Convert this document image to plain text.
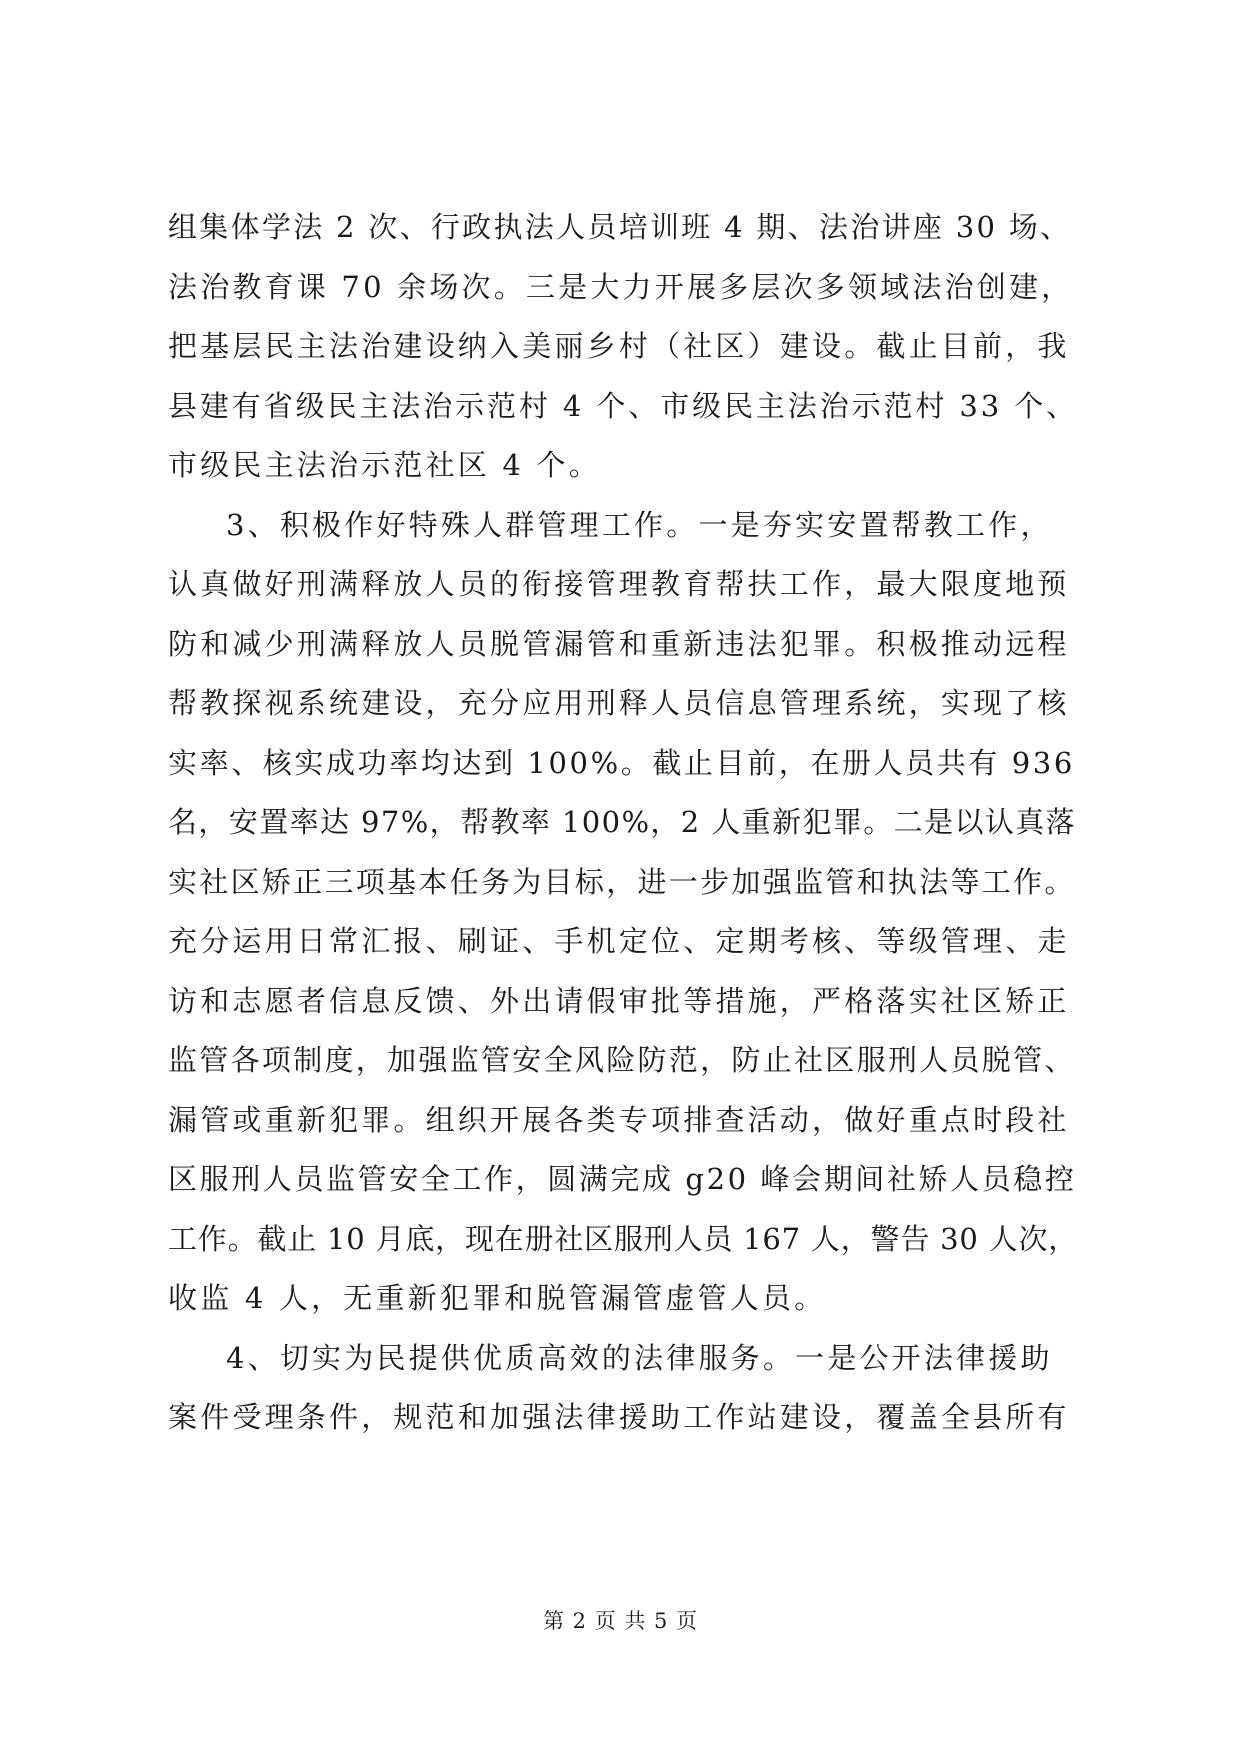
组集体学法 2 次、行政执法人员培训班 4 期、法治讲座 30 场、
法治教育课 70 余场次。三是大力开展多层次多领域法治创建，
把基层民主法治建设纳入美丽乡村（社区）建设。截止目前，我
县建有省级民主法治示范村 4 个、市级民主法治示范村 33 个、
市级民主法治示范社区 4 个。
3、积极作好特殊人群管理工作。一是夯实安置帮教工作，
认真做好刑满释放人员的衔接管理教育帮扶工作，最大限度地预
防和减少刑满释放人员脱管漏管和重新违法犯罪。积极推动远程
帮教探视系统建设，充分应用刑释人员信息管理系统，实现了核
实率、核实成功率均达到 100%。截止目前，在册人员共有 936
名，安置率达 97%，帮教率 100%，2 人重新犯罪。二是以认真落
实社区矫正三项基本任务为目标，进一步加强监管和执法等工作。
充分运用日常汇报、刷证、手机定位、定期考核、等级管理、走
访和志愿者信息反馈、外出请假审批等措施，严格落实社区矫正
监管各项制度，加强监管安全风险防范，防止社区服刑人员脱管、
漏管或重新犯罪。组织开展各类专项排查活动，做好重点时段社
区服刑人员监管安全工作，圆满完成 g20 峰会期间社矫人员稳控
工作。截止 10 月底，现在册社区服刑人员 167 人，警告 30 人次，
收监 4 人，无重新犯罪和脱管漏管虚管人员。
4、切实为民提供优质高效的法律服务。一是公开法律援助
案件受理条件，规范和加强法律援助工作站建设，覆盖全县所有
第 2 页 共 5 页
